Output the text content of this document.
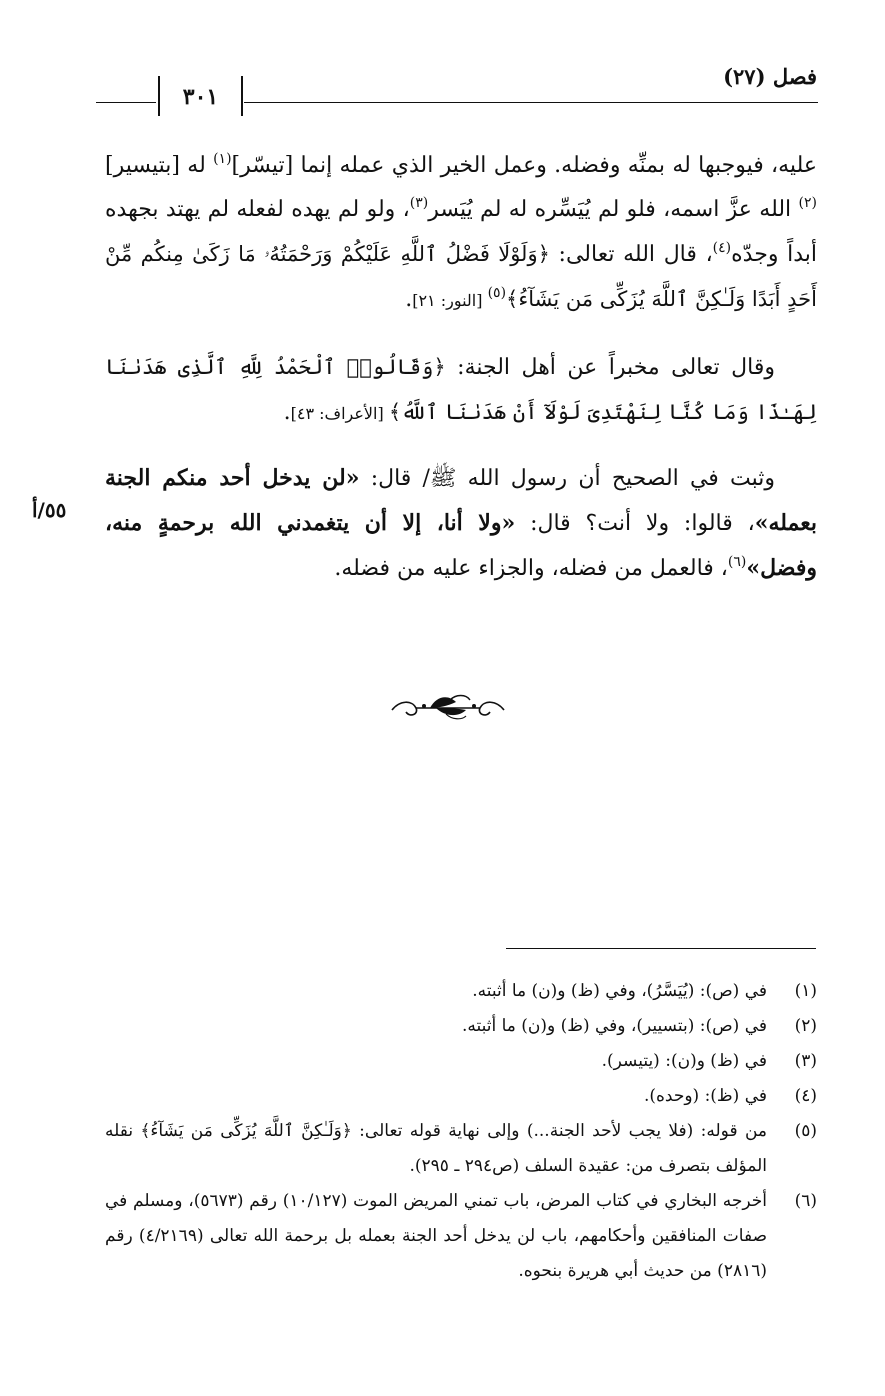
فصل (٢٧)
٣٠١
٥٥/أ

عليه، فيوجبها له بمنِّه وفضله. وعمل الخير الذي عمله إنما [تيسّر]$^{(١)}$ له [بتيسير]$^{(٢)}$ الله عزَّ اسمه، فلو لم يُيَسِّره له لم يُيَسر$^{(٣)}$، ولو لم يهده لفعله لم يهتد بجهده أبداً وجدّه$^{(٤)}$، قال الله تعالى: ﴿وَلَوْلَا فَضْلُ ٱللَّهِ عَلَيْكُمْ وَرَحْمَتُهُۥ مَا زَكَىٰ مِنكُم مِّنْ أَحَدٍ أَبَدًا وَلَـٰكِنَّ ٱللَّهَ يُزَكِّى مَن يَشَآءُ﴾$^{(٥)}$ [النور: ٢١].

وقال تعالى مخبراً عن أهل الجنة: ﴿وَقَالُوا۟ ٱلْحَمْدُ لِلَّهِ ٱلَّذِى هَدَىٰنَا لِهَـٰذَا وَمَا كُنَّا لِنَهْتَدِىَ لَوْلَآ أَنْ هَدَىٰنَا ٱللَّهُ﴾ [الأعراف: ٤٣].

وثبت في الصحيح أن رسول الله ﷺ/ قال: «لن يدخل أحد منكم الجنة بعمله»، قالوا: ولا أنت؟ قال: «ولا أنا، إلا أن يتغمدني الله برحمةٍ منه، وفضل»$^{(٦)}$، فالعمل من فضله، والجزاء عليه من فضله.

(١)
في (ص): (يُيَسَّرُ)، وفي (ظ) و(ن) ما أثبته.
(٢)
في (ص): (بتسيير)، وفي (ظ) و(ن) ما أثبته.
(٣)
في (ظ) و(ن): (يتيسر).
(٤)
في (ظ): (وحده).
(٥)
من قوله: (فلا يجب لأحد الجنة...) وإلى نهاية قوله تعالى: ﴿وَلَـٰكِنَّ ٱللَّهَ يُزَكِّى مَن يَشَآءُ﴾ نقله المؤلف بتصرف من: عقيدة السلف (ص٢٩٤ ـ ٢٩٥).
(٦)
أخرجه البخاري في كتاب المرض، باب تمني المريض الموت (١٠/١٢٧) رقم (٥٦٧٣)، ومسلم في صفات المنافقين وأحكامهم، باب لن يدخل أحد الجنة بعمله بل برحمة الله تعالى (٤/٢١٦٩) رقم (٢٨١٦) من حديث أبي هريرة بنحوه.
